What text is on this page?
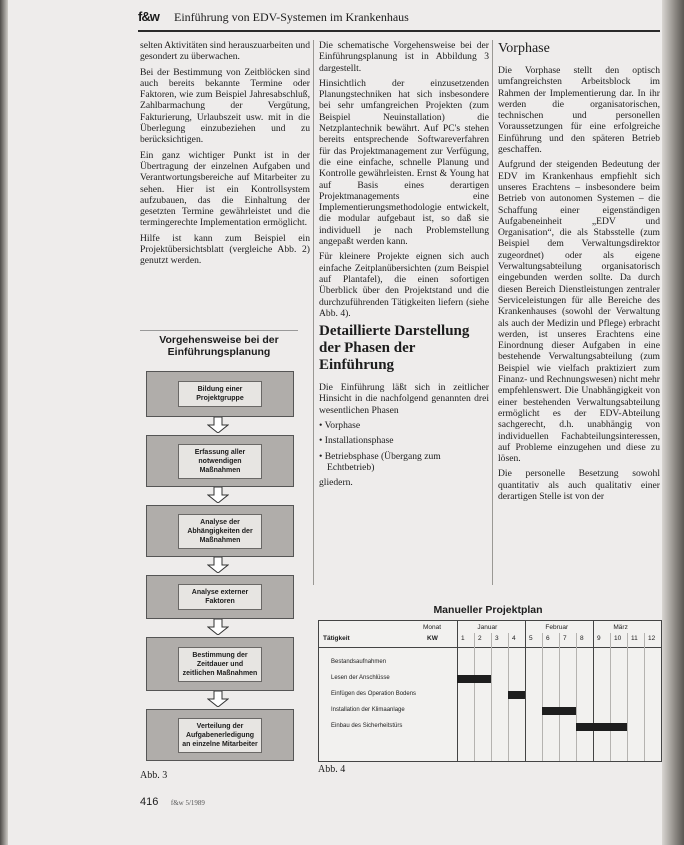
f&w Einführung von EDV-Systemen im Krankenhaus

selten Aktivitäten sind herauszuarbeiten und gesondert zu überwachen.

Bei der Bestimmung von Zeitblöcken sind auch bereits bekannte Termine oder Faktoren, wie zum Beispiel Jahresabschluß, Zahlbarmachung der Vergütung, Fakturierung, Urlaubszeit usw. mit in die Überlegung einzubeziehen und zu berücksichtigen.

Ein ganz wichtiger Punkt ist in der Übertragung der einzelnen Aufgaben und Verantwortungsbereiche auf Mitarbeiter zu sehen. Hier ist ein Kontrollsystem aufzubauen, das die Einhaltung der gesetzten Termine gewährleistet und die termingerechte Implementation ermöglicht.

Hilfe ist kann zum Beispiel ein Projektübersichtsblatt (vergleiche Abb. 2) genutzt werden.

Vorgehensweise bei der Einführungsplanung
Bildung einer Projektgruppe
Erfassung aller notwendigen Maßnahmen
Analyse der Abhängigkeiten der Maßnahmen
Analyse externer Faktoren
Bestimmung der Zeitdauer und zeitlichen Maßnahmen
Verteilung der Aufgabenerledigung an einzelne Mitarbeiter
Abb. 3

Die schematische Vorgehensweise bei der Einführungsplanung ist in Abbildung 3 dargestellt.

Hinsichtlich der einzusetzenden Planungstechniken hat sich insbesondere bei sehr umfangreichen Projekten (zum Beispiel Neuinstallation) die Netzplantechnik bewährt. Auf PC's stehen bereits entsprechende Softwareverfahren für das Projektmanagement zur Verfügung, die eine einfache, schnelle Planung und Kontrolle gewährleisten. Ernst & Young hat auf Basis eines derartigen Projektmanagements eine Implementierungsmethodologie entwickelt, die modular aufgebaut ist, so daß sie individuell je nach Problemstellung angepaßt werden kann.

Für kleinere Projekte eignen sich auch einfache Zeitplanübersichten (zum Beispiel auf Plantafel), die einen sofortigen Überblick über den Projektstand und die durchzuführenden Tätigkeiten liefern (siehe Abb. 4).

Detaillierte Darstellung der Phasen der Einführung

Die Einführung läßt sich in zeitlicher Hinsicht in die nachfolgend genannten drei wesentlichen Phasen

• Vorphase

• Installationsphase

• Betriebsphase (Übergang zum Echtbetrieb)

gliedern.

Vorphase

Die Vorphase stellt den optisch umfangreichsten Arbeitsblock im Rahmen der Implementierung dar. In ihr werden die organisatorischen, technischen und personellen Voraussetzungen für eine erfolgreiche Einführung und den späteren Betrieb geschaffen.

Aufgrund der steigenden Bedeutung der EDV im Krankenhaus empfiehlt sich unseres Erachtens – insbesondere beim Betrieb von autonomen Systemen – die Schaffung einer eigenständigen Aufgabeneinheit „EDV und Organisation“, die als Stabsstelle (zum Beispiel dem Verwaltungsdirektor zugeordnet) oder als eigene Verwaltungsabteilung organisatorisch eingebunden werden sollte. Da durch diesen Bereich Dienstleistungen zentraler Serviceleistungen für alle Bereiche des Krankenhauses (sowohl der Verwaltung als auch der Medizin und Pflege) erbracht werden, ist unseres Erachtens eine Einordnung dieser Aufgaben in eine bestehende Verwaltungsabteilung (zum Beispiel wie vielfach praktiziert zum Finanz- und Rechnungswesen) nicht mehr empfehlenswert. Die Unabhängigkeit von einer bestehenden Verwaltungsabteilung ermöglicht es der EDV-Abteilung sachgerecht, d.h. unabhängig von individuellen Fachabteilungsinteressen, auf Probleme einzugehen und diese zu lösen.

Die personelle Besetzung sowohl quantitativ als auch qualitativ einer derartigen Stelle ist von der

Manueller Projektplan
Monat
KW
Tätigkeit
Januar	Februar	März
1 2 3 4 5 6 7 8 9 10 11 12
Bestandsaufnahmen
Lesen der Anschlüsse
Einfügen des Operation Bodens
Installation der Klimaanlage
Einbau des Sicherheitstürs
Abb. 4
416 f&w 5/1989
